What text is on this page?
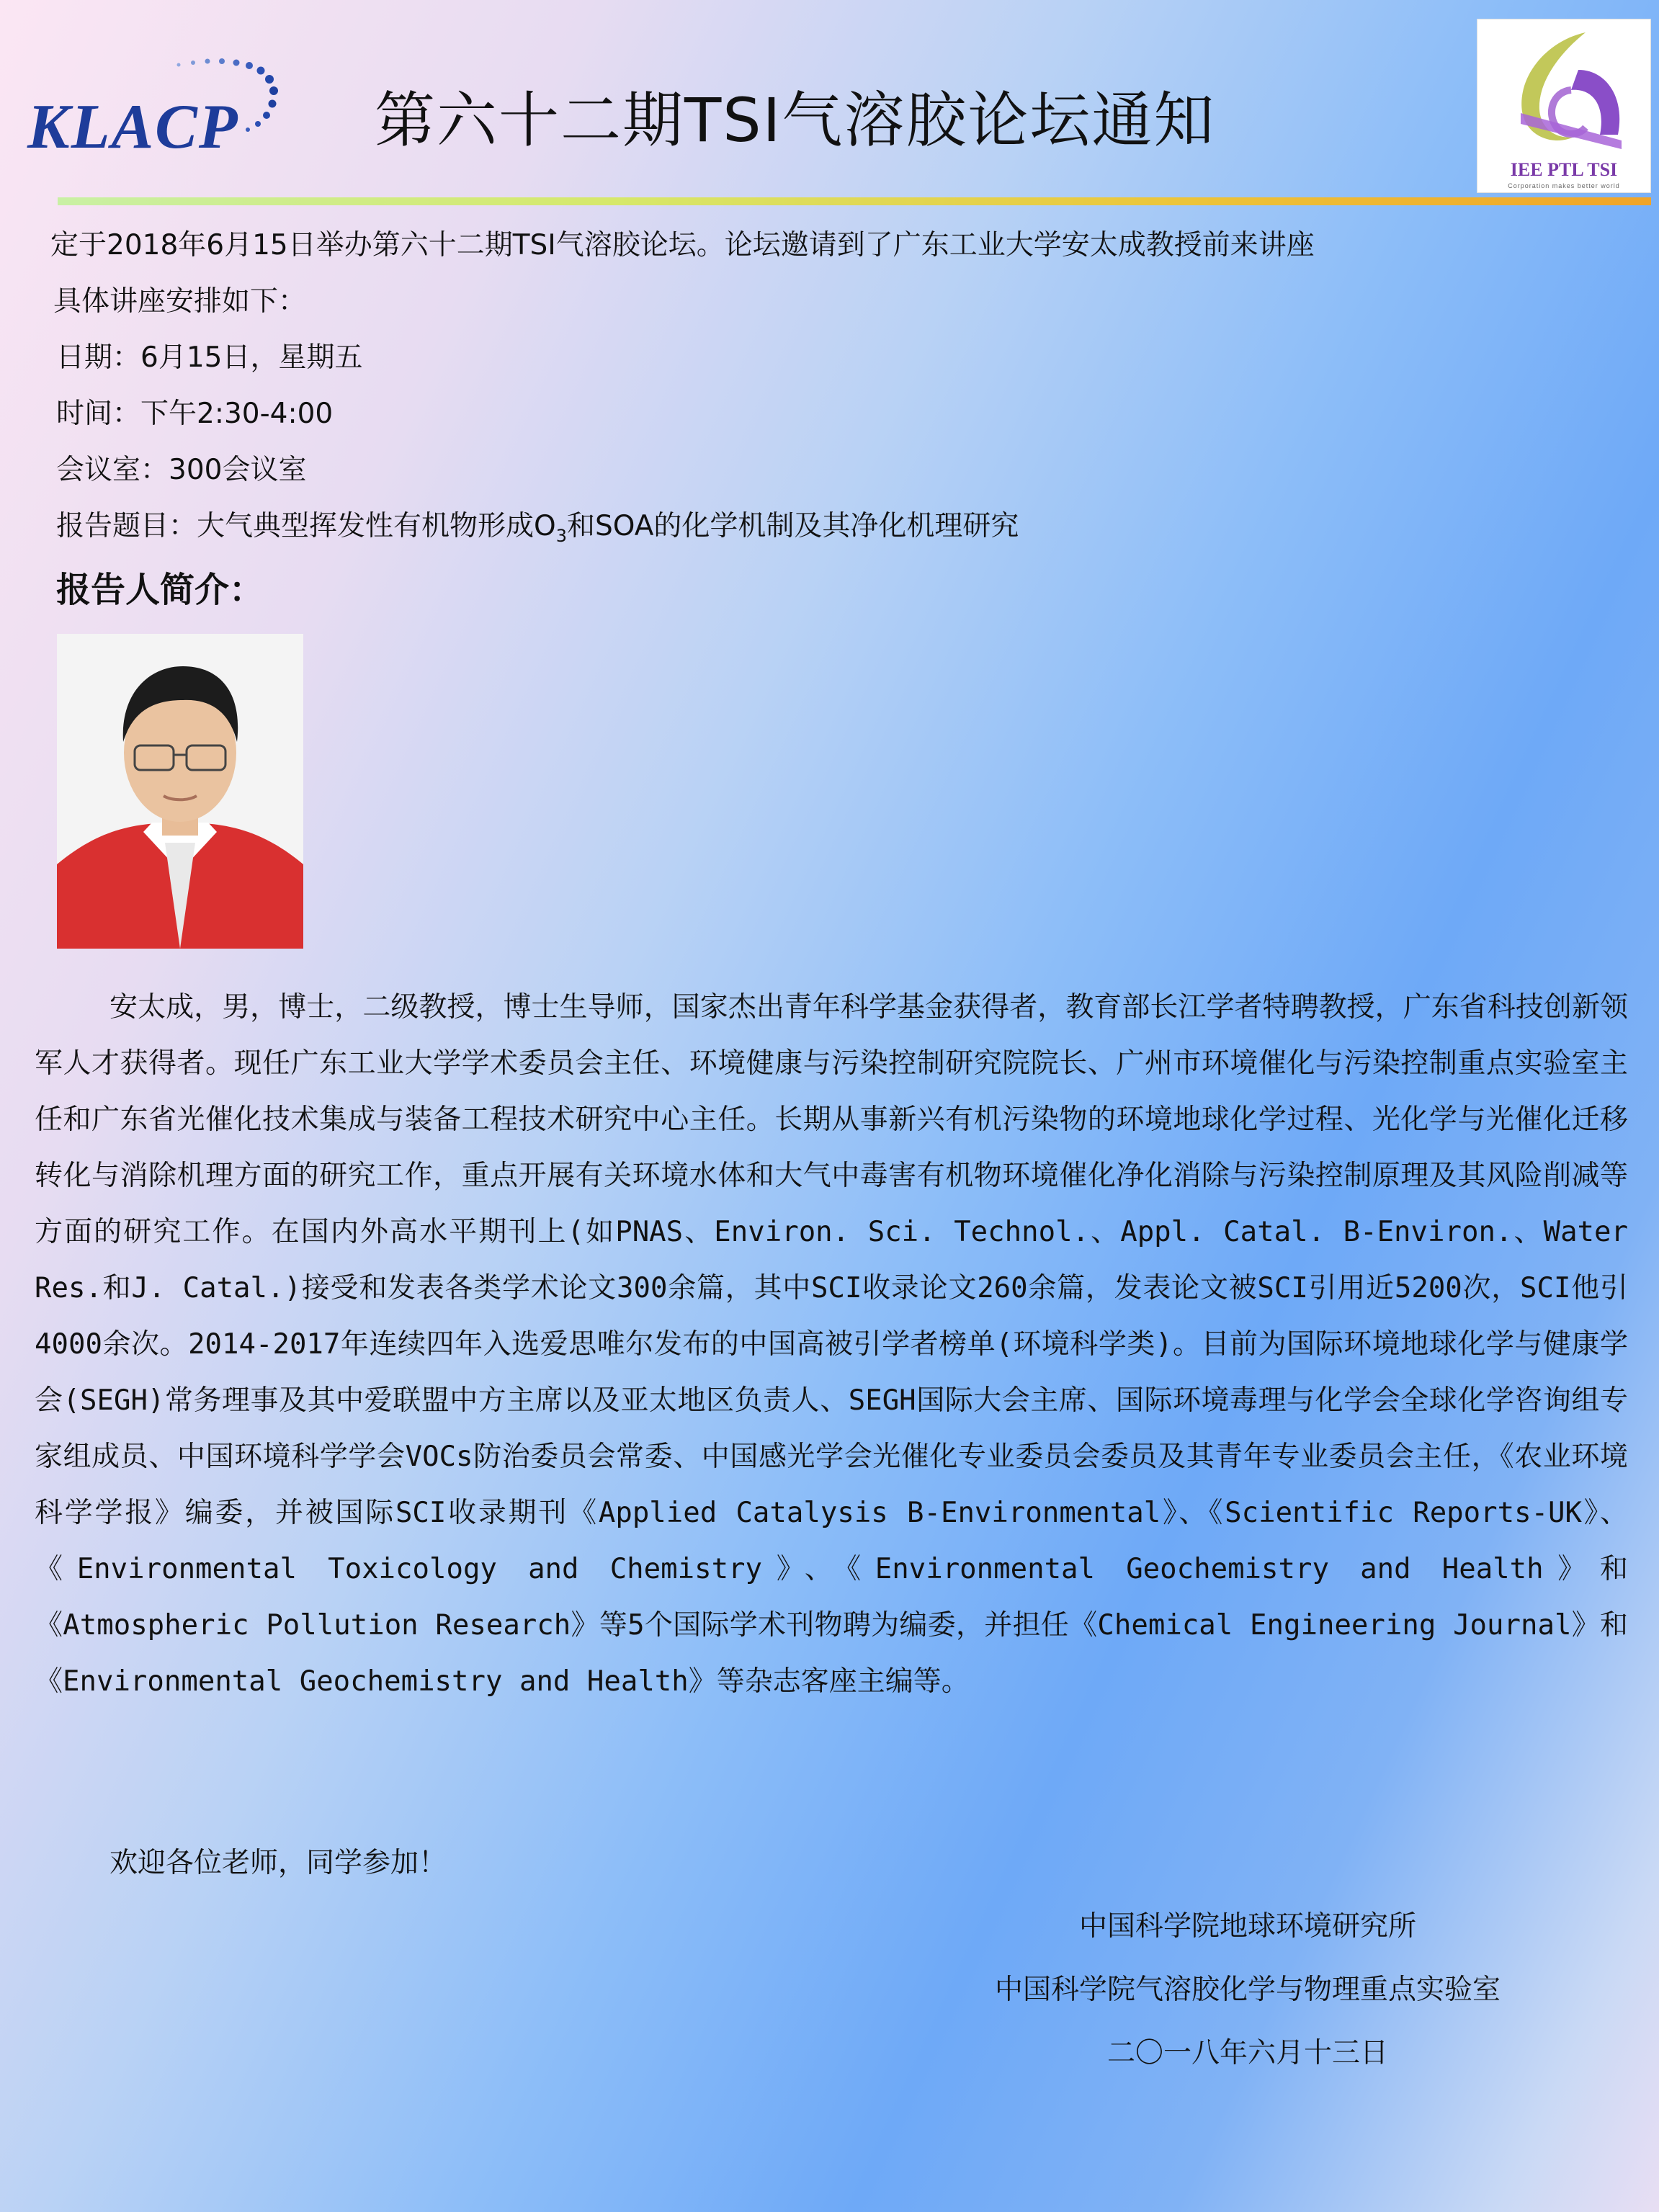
KLACP 第六十二期TSI气溶胶论坛通知
IEE PTL TSI
Corporation makes better world
定于2018年6月15日举办第六十二期TSI气溶胶论坛。论坛邀请到了广东工业大学安太成教授前来讲座
具体讲座安排如下：
日期：6月15日，星期五
时间：下午2:30-4:00
会议室：300会议室
报告题目：大气典型挥发性有机物形成$O_3$和SOA的化学机制及其净化机理研究
报告人简介：

安太成，男，博士，二级教授，博士生导师，国家杰出青年科学基金获得者，教育部长江学者特聘教授，广东省科技创新领军人才获得者。现任广东工业大学学术委员会主任、环境健康与污染控制研究院院长、广州市环境催化与污染控制重点实验室主任和广东省光催化技术集成与装备工程技术研究中心主任。长期从事新兴有机污染物的环境地球化学过程、光化学与光催化迁移转化与消除机理方面的研究工作，重点开展有关环境水体和大气中毒害有机物环境催化净化消除与污染控制原理及其风险削减等方面的研究工作。在国内外高水平期刊上(如PNAS、Environ. Sci. Technol.、Appl. Catal. B-Environ.、Water Res.和J. Catal.)接受和发表各类学术论文300余篇，其中SCI收录论文260余篇，发表论文被SCI引用近5200次，SCI他引4000余次。2014-2017年连续四年入选爱思唯尔发布的中国高被引学者榜单(环境科学类)。目前为国际环境地球化学与健康学会(SEGH)常务理事及其中爱联盟中方主席以及亚太地区负责人、SEGH国际大会主席、国际环境毒理与化学会全球化学咨询组专家组成员、中国环境科学学会VOCs防治委员会常委、中国感光学会光催化专业委员会委员及其青年专业委员会主任，《农业环境科学学报》编委，并被国际SCI收录期刊《Applied Catalysis B-Environmental》、《Scientific Reports-UK》、《Environmental Toxicology and Chemistry》、《Environmental Geochemistry and Health》和《Atmospheric Pollution Research》等5个国际学术刊物聘为编委，并担任《Chemical Engineering Journal》和《Environmental Geochemistry and Health》等杂志客座主编等。

欢迎各位老师，同学参加！
中国科学院地球环境研究所
中国科学院气溶胶化学与物理重点实验室
二〇一八年六月十三日
